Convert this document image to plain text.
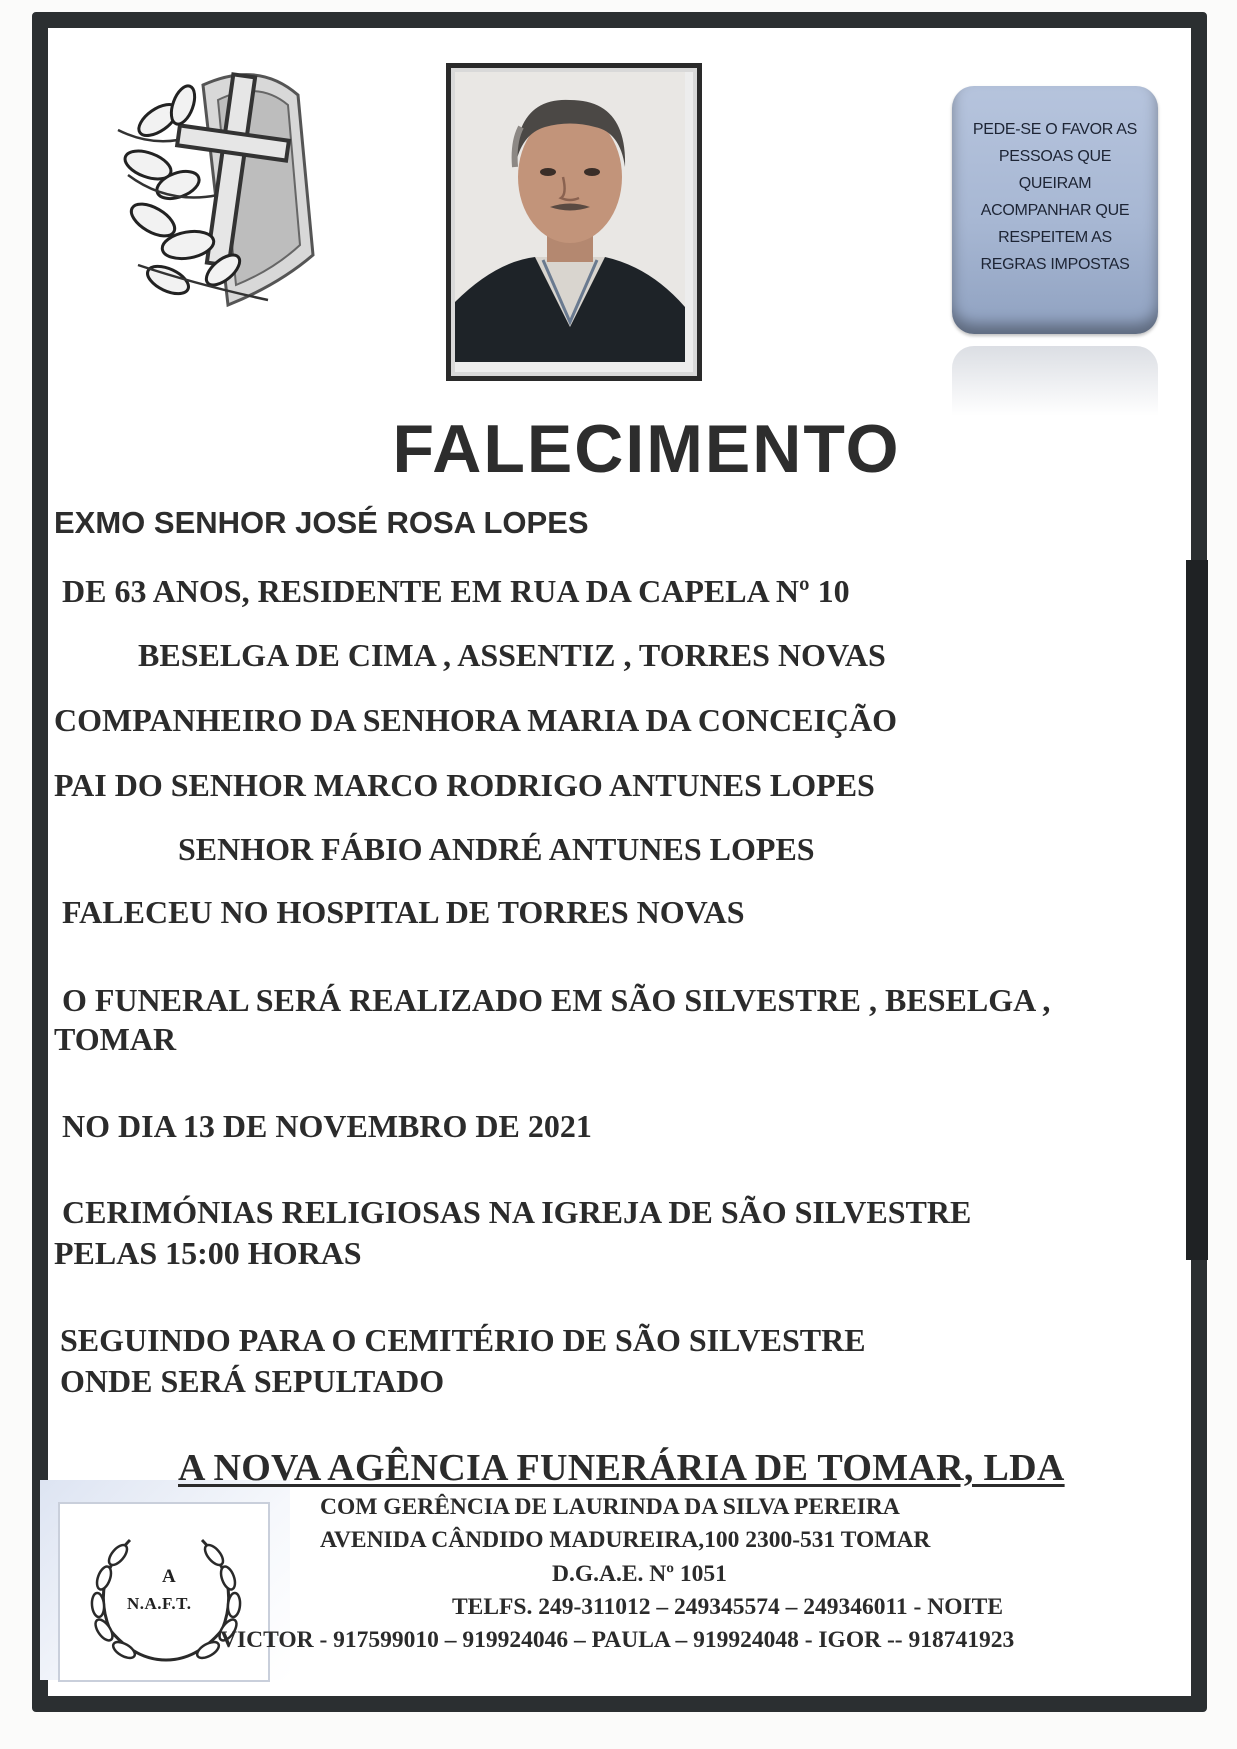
PEDE-SE O FAVOR AS
PESSOAS QUE
QUEIRAM
ACOMPANHAR QUE
RESPEITEM AS
REGRAS IMPOSTAS
FALECIMENTO
EXMO SENHOR JOSÉ ROSA LOPES
DE 63 ANOS, RESIDENTE EM RUA DA CAPELA Nº 10
BESELGA DE CIMA , ASSENTIZ , TORRES NOVAS
COMPANHEIRO DA SENHORA MARIA DA CONCEIÇÃO
PAI DO SENHOR MARCO RODRIGO ANTUNES LOPES
SENHOR FÁBIO ANDRÉ ANTUNES LOPES
FALECEU NO HOSPITAL DE TORRES NOVAS
O FUNERAL SERÁ REALIZADO EM SÃO SILVESTRE , BESELGA ,
TOMAR
NO DIA 13 DE NOVEMBRO DE 2021
CERIMÓNIAS RELIGIOSAS NA IGREJA DE SÃO SILVESTRE
PELAS 15:00 HORAS
SEGUINDO PARA O CEMITÉRIO DE SÃO SILVESTRE
ONDE SERÁ SEPULTADO
A
N.A.F.T.
A NOVA AGÊNCIA FUNERÁRIA DE TOMAR, LDA
COM GERÊNCIA DE LAURINDA DA SILVA PEREIRA
AVENIDA CÂNDIDO MADUREIRA,100 2300-531 TOMAR
D.G.A.E. Nº 1051
TELFS. 249-311012 – 249345574 – 249346011 - NOITE
VICTOR - 917599010 – 919924046 – PAULA – 919924048 - IGOR -- 918741923
